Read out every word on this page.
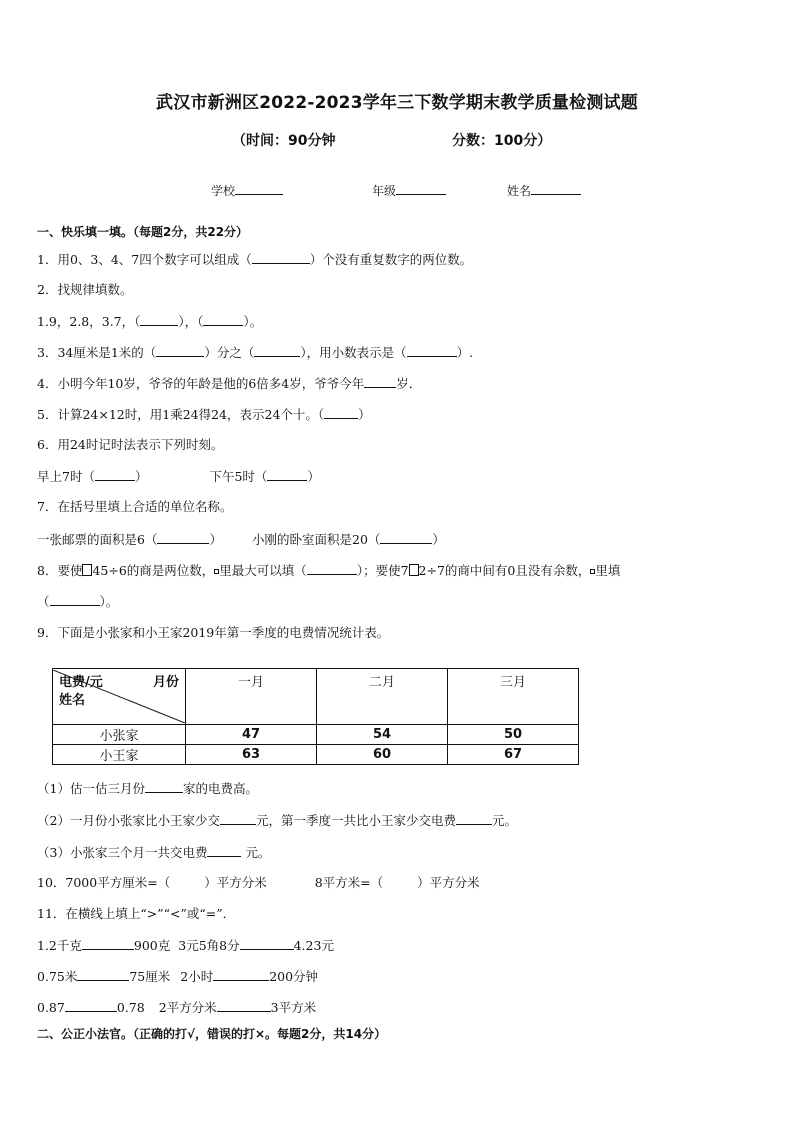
武汉市新洲区2022-2023学年三下数学期末教学质量检测试题
（时间：90分钟	分数：100分）
学校	年级	姓名
一、快乐填一填。（每题2分，共22分）
1．用0、3、4、7四个数字可以组成（	）个没有重复数字的两位数。
2．找规律填数。
1.9，2.8，3.7，（	），（	）。
3．34厘米是1米的（	）分之（	），用小数表示是（	）.
4．小明今年10岁，爷爷的年龄是他的6倍多4岁，爷爷今年	岁．
5．计算24×12时，用1乘24得24，表示24个十。（	）
6．用24时记时法表示下列时刻。
早上7时（	）	下午5时（	）
7．在括号里填上合适的单位名称。
一张邮票的面积是6（	） 小刚的卧室面积是20（	）
8．要使 45÷6的商是两位数， 里最大可以填（	）；要使7 2÷7的商中间有0且没有余数， 里填
（	）。
9．下面是小张家和小王家2019年第一季度的电费情况统计表。
电费/元 月份
姓名	一月	二月	三月
小张家	47	54	50
小王家	63	60	67
（1）估一估三月份	家的电费高。
（2）一月份小张家比小王家少交	元，第一季度一共比小王家少交电费	元。
（3）小张家三个月一共交电费	元。
10．7000平方厘米=（	）平方分米	8平方米=（	）平方分米
11．在横线上填上“>”“<”或“=”．
1.2千克	900克 3元5角8分	4.23元
0.75米	75厘米 2小时	200分钟
0.87	0.78 2平方分米	3平方米
二、公正小法官。（正确的打√，错误的打×。每题2分，共14分）
